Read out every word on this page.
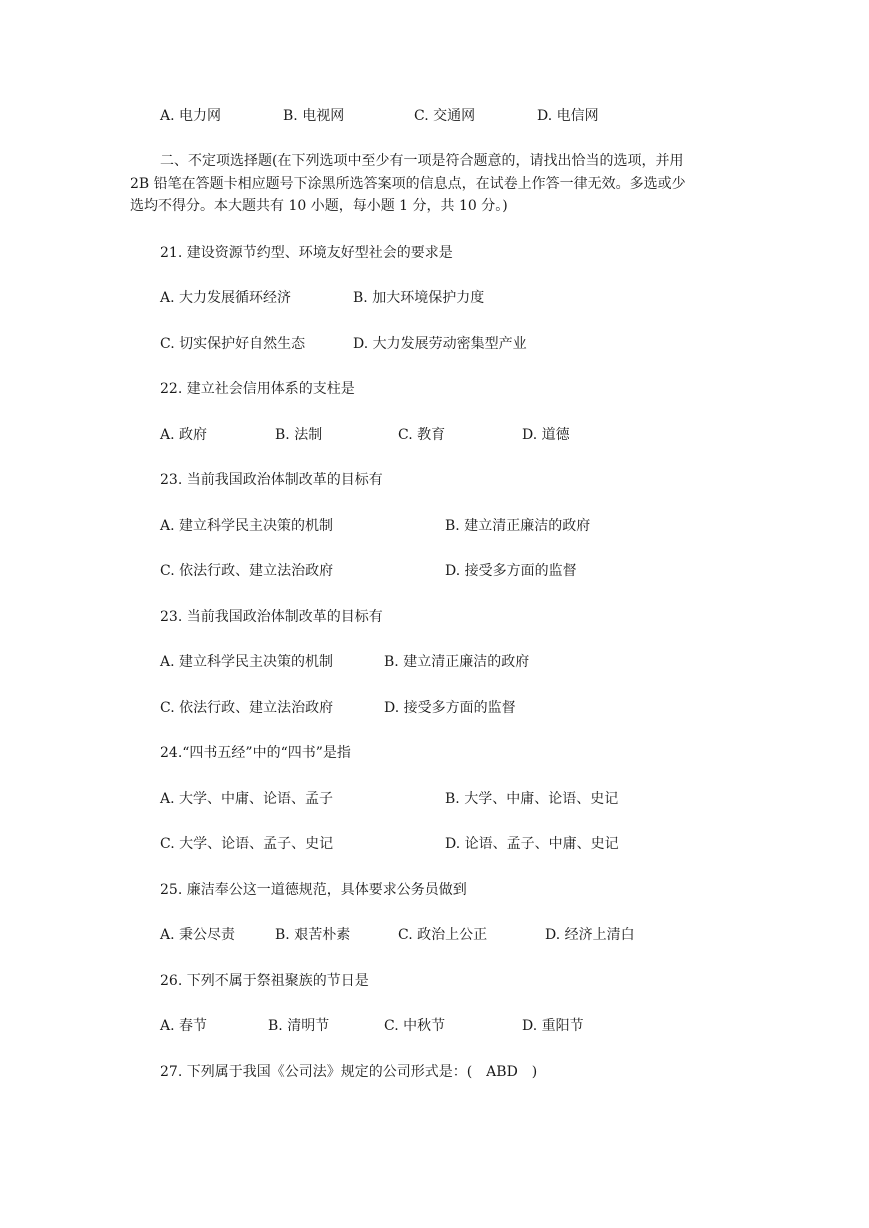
A. 电力网	B. 电视网	C. 交通网	D. 电信网
二、不定项选择题(在下列选项中至少有一项是符合题意的，请找出恰当的选项，并用
2B 铅笔在答题卡相应题号下涂黑所选答案项的信息点，在试卷上作答一律无效。多选或少
选均不得分。本大题共有 10 小题，每小题 1 分，共 10 分。)
21. 建设资源节约型、环境友好型社会的要求是
A. 大力发展循环经济	B. 加大环境保护力度
C. 切实保护好自然生态	D. 大力发展劳动密集型产业
22. 建立社会信用体系的支柱是
A. 政府	B. 法制	C. 教育	D. 道德
23. 当前我国政治体制改革的目标有
A. 建立科学民主决策的机制	B. 建立清正廉洁的政府
C. 依法行政、建立法治政府	D. 接受多方面的监督
23. 当前我国政治体制改革的目标有
A. 建立科学民主决策的机制	B. 建立清正廉洁的政府
C. 依法行政、建立法治政府	D. 接受多方面的监督
24.“四书五经”中的“四书”是指
A. 大学、中庸、论语、孟子	B. 大学、中庸、论语、史记
C. 大学、论语、孟子、史记	D. 论语、孟子、中庸、史记
25. 廉洁奉公这一道德规范，具体要求公务员做到
A. 秉公尽责	B. 艰苦朴素	C. 政治上公正	D. 经济上清白
26. 下列不属于祭祖聚族的节日是
A. 春节	B. 清明节	C. 中秋节	D. 重阳节
27. 下列属于我国《公司法》规定的公司形式是：(　ABD　)
